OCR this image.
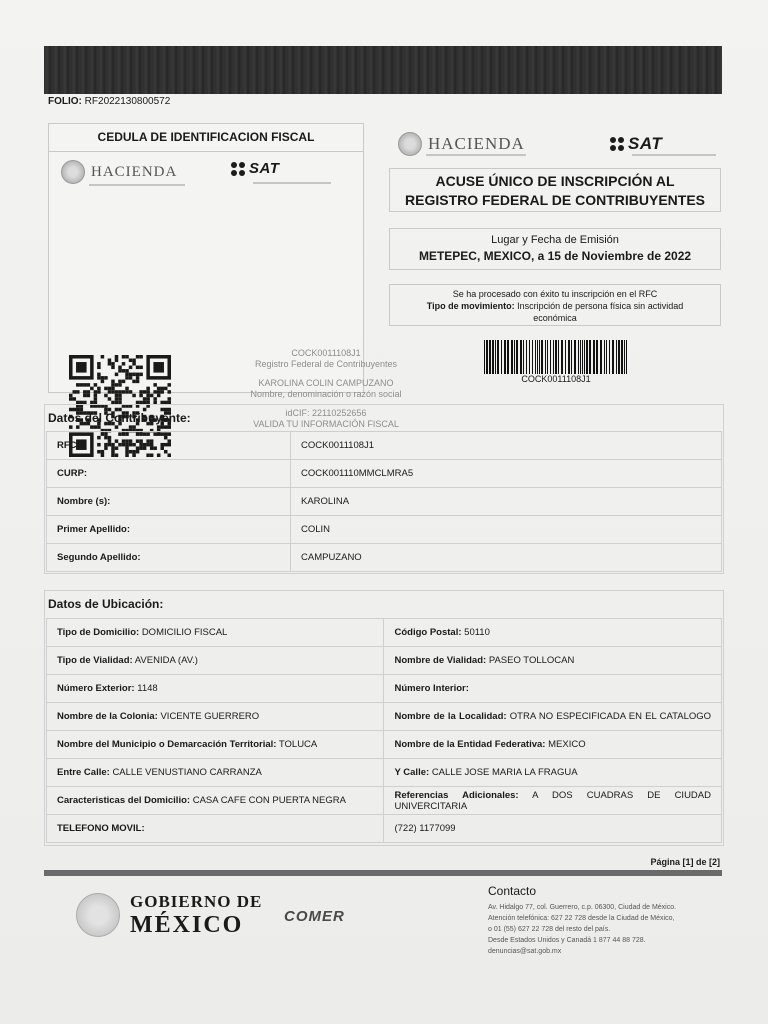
FOLIO: RF2022130800572
CEDULA DE IDENTIFICACION FISCAL
HACIENDA	SAT
COCK0011108J1
Registro Federal de Contribuyentes
KAROLINA COLIN CAMPUZANO
Nombre, denominación o razón social
idCIF: 22110252656
VALIDA TU INFORMACIÓN FISCAL
HACIENDA	SAT
ACUSE ÚNICO DE INSCRIPCIÓN AL
REGISTRO FEDERAL DE CONTRIBUYENTES
Lugar y Fecha de Emisión
METEPEC, MEXICO, a 15 de Noviembre de 2022
Se ha procesado con éxito tu inscripción en el RFC
Tipo de movimiento: Inscripción de persona física sin actividad económica
COCK0011108J1
Datos del Contribuyente:
RFC:	COCK0011108J1
CURP:	COCK001110MMCLMRA5
Nombre (s):	KAROLINA
Primer Apellido:	COLIN
Segundo Apellido:	CAMPUZANO
Datos de Ubicación:
Tipo de Domicilio: DOMICILIO FISCAL	Código Postal: 50110
Tipo de Vialidad: AVENIDA (AV.)	Nombre de Vialidad: PASEO TOLLOCAN
Número Exterior: 1148	Número Interior:
Nombre de la Colonia: VICENTE GUERRERO	Nombre de la Localidad: OTRA NO ESPECIFICADA EN EL CATALOGO
Nombre del Municipio o Demarcación Territorial: TOLUCA	Nombre de la Entidad Federativa: MEXICO
Entre Calle: CALLE VENUSTIANO CARRANZA	Y Calle: CALLE JOSE MARIA LA FRAGUA
Caracteristicas del Domicilio: CASA CAFE CON PUERTA NEGRA	Referencias Adicionales: A DOS CUADRAS DE CIUDAD UNIVERCITARIA
TELEFONO MOVIL:	(722) 1177099
Página [1] de [2]
GOBIERNO DE
MÉXICO	COMER
Contacto
Av. Hidalgo 77, col. Guerrero, c.p. 06300, Ciudad de México.
Atención telefónica: 627 22 728 desde la Ciudad de México,
o 01 (55) 627 22 728 del resto del país.
Desde Estados Unidos y Canadá 1 877 44 88 728.
denuncias@sat.gob.mx
